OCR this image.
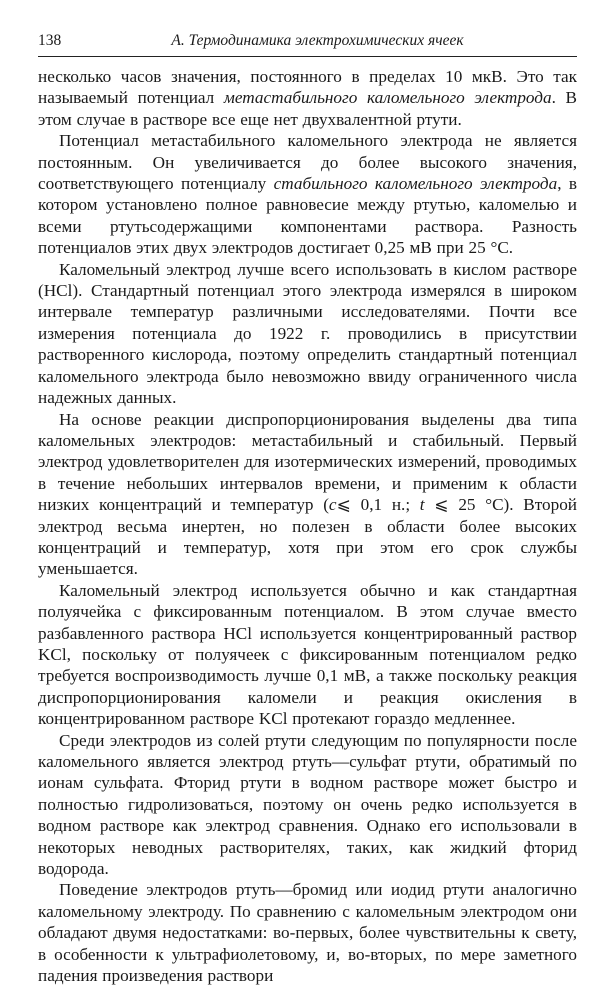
138	А. Термодинамика электрохимических ячеек

несколько часов значения, постоянного в пределах 10 мкВ. Это так называемый потенциал метастабильного каломельного электрода. В этом случае в растворе все еще нет двухвалентной ртути.

Потенциал метастабильного каломельного электрода не является постоянным. Он увеличивается до более высокого значения, соответствующего потенциалу стабильного каломельного электрода, в котором установлено полное равновесие между ртутью, каломелью и всеми ртутьсодержащими компонентами раствора. Разность потенциалов этих двух электродов достигает 0,25 мВ при 25 °С.

Каломельный электрод лучше всего использовать в кислом растворе (HCl). Стандартный потенциал этого электрода измерялся в широком интервале температур различными исследователями. Почти все измерения потенциала до 1922 г. проводились в присутствии растворенного кислорода, поэтому определить стандартный потенциал каломельного электрода было невозможно ввиду ограниченного числа надежных данных.

На основе реакции диспропорционирования выделены два типа каломельных электродов: метастабильный и стабильный. Первый электрод удовлетворителен для изотермических измерений, проводимых в течение небольших интервалов времени, и применим к области низких концентраций и температур (c⩽ 0,1 н.; t ⩽ 25 °С). Второй электрод весьма инертен, но полезен в области более высоких концентраций и температур, хотя при этом его срок службы уменьшается.

Каломельный электрод используется обычно и как стандартная полуячейка с фиксированным потенциалом. В этом случае вместо разбавленного раствора HCl используется концентрированный раствор KCl, поскольку от полуячеек с фиксированным потенциалом редко требуется воспроизводимость лучше 0,1 мВ, а также поскольку реакция диспропорционирования каломели и реакция окисления в концентрированном растворе KCl протекают гораздо медленнее.

Среди электродов из солей ртути следующим по популярности после каломельного является электрод ртуть—сульфат ртути, обратимый по ионам сульфата. Фторид ртути в водном растворе может быстро и полностью гидролизоваться, поэтому он очень редко используется в водном растворе как электрод сравнения. Однако его использовали в некоторых неводных растворителях, таких, как жидкий фторид водорода.

Поведение электродов ртуть—бромид или иодид ртути аналогично каломельному электроду. По сравнению с каломельным электродом они обладают двумя недостатками: во-первых, более чувствительны к свету, в особенности к ультрафиолетовому, и, во-вторых, по мере заметного падения произведения раствори
